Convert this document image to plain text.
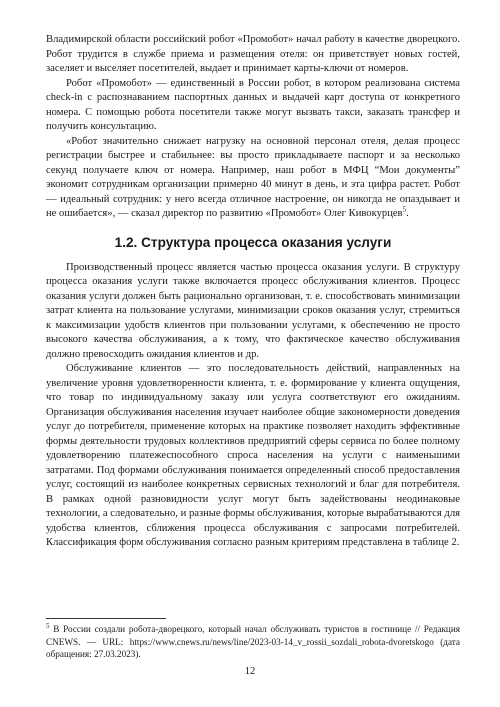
Владимирской области российский робот «Промобот» начал работу в качестве дворецкого. Робот трудится в службе приема и размещения отеля: он приветствует новых гостей, заселяет и выселяет посетителей, выдает и принимает карты-ключи от номеров.

Робот «Промобот» — единственный в России робот, в котором реализована система check-in с распознаванием паспортных данных и выдачей карт доступа от конкретного номера. С помощью робота посетители также могут вызвать такси, заказать трансфер и получить консультацию.

«Робот значительно снижает нагрузку на основной персонал отеля, делая процесс регистрации быстрее и стабильнее: вы просто прикладываете паспорт и за несколько секунд получаете ключ от номера. Например, наш робот в МФЦ “Мои документы” экономит сотрудникам организации примерно 40 минут в день, и эта цифра растет. Робот — идеальный сотрудник: у него всегда отличное настроение, он никогда не опаздывает и не ошибается», — сказал директор по развитию «Промобот» Олег Кивокурцев$^5$.

1.2. Структура процесса оказания услуги

Производственный процесс является частью процесса оказания услуги. В структуру процесса оказания услуги также включается процесс обслуживания клиентов. Процесс оказания услуги должен быть рационально организован, т. е. способствовать минимизации затрат клиента на пользование услугами, минимизации сроков оказания услуг, стремиться к максимизации удобств клиентов при пользовании услугами, к обеспечению не просто высокого качества обслуживания, а к тому, что фактическое качество обслуживания должно превосходить ожидания клиентов и др.

Обслуживание клиентов — это последовательность действий, направленных на увеличение уровня удовлетворенности клиента, т. е. формирование у клиента ощущения, что товар по индивидуальному заказу или услуга соответствуют его ожиданиям. Организация обслуживания населения изучает наиболее общие закономерности доведения услуг до потребителя, применение которых на практике позволяет находить эффективные формы деятельности трудовых коллективов предприятий сферы сервиса по более полному удовлетворению платежеспособного спроса населения на услуги с наименьшими затратами. Под формами обслуживания понимается определенный способ предоставления услуг, состоящий из наиболее конкретных сервисных технологий и благ для потребителя. В рамках одной разновидности услуг могут быть задействованы неодинаковые технологии, а следовательно, и разные формы обслуживания, которые вырабатываются для удобства клиентов, сближения процесса обслуживания с запросами потребителей. Классификация форм обслуживания согласно разным критериям представлена в таблице 2.

$^5$ В России создали робота-дворецкого, который начал обслуживать туристов в гостинице // Редакция CNEWS. — URL: https://www.cnews.ru/news/line/2023-03-14_v_rossii_sozdali_robota-dvoretskogo (дата обращения: 27.03.2023).
12
